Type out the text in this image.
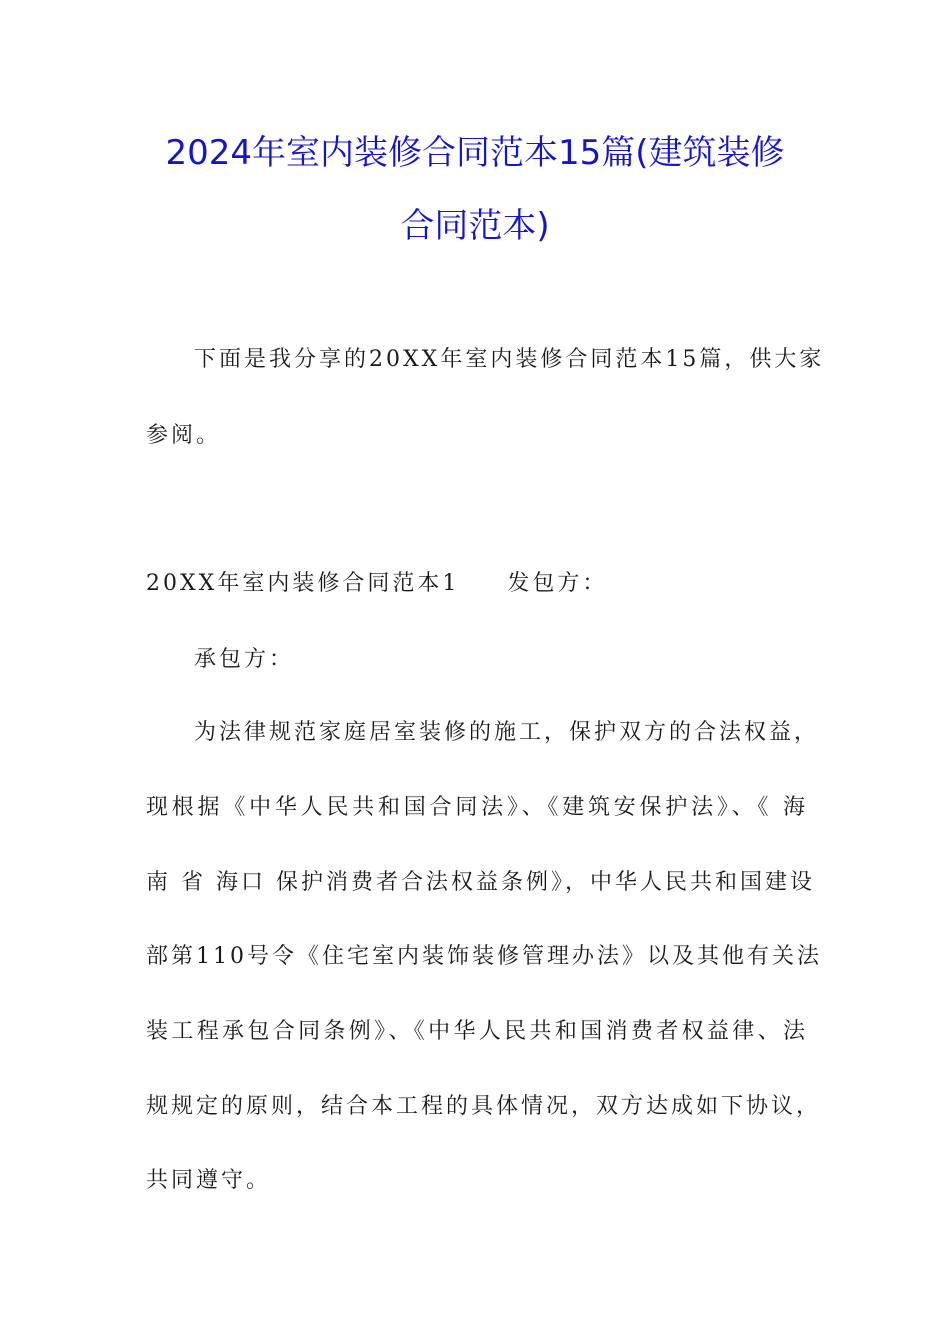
2024年室内装修合同范本15篇(建筑装修
合同范本)
下面是我分享的20XX年室内装修合同范本15篇，供大家
参阅。
20XX年室内装修合同范本1 发包方：
承包方：
为法律规范家庭居室装修的施工，保护双方的合法权益，
现根据《中华人民共和国合同法》、《建筑安保护法》、《 海
南 省 海口 保护消费者合法权益条例》，中华人民共和国建设
部第110号令《住宅室内装饰装修管理办法》以及其他有关法
装工程承包合同条例》、《中华人民共和国消费者权益律、法
规规定的原则，结合本工程的具体情况，双方达成如下协议，
共同遵守。
